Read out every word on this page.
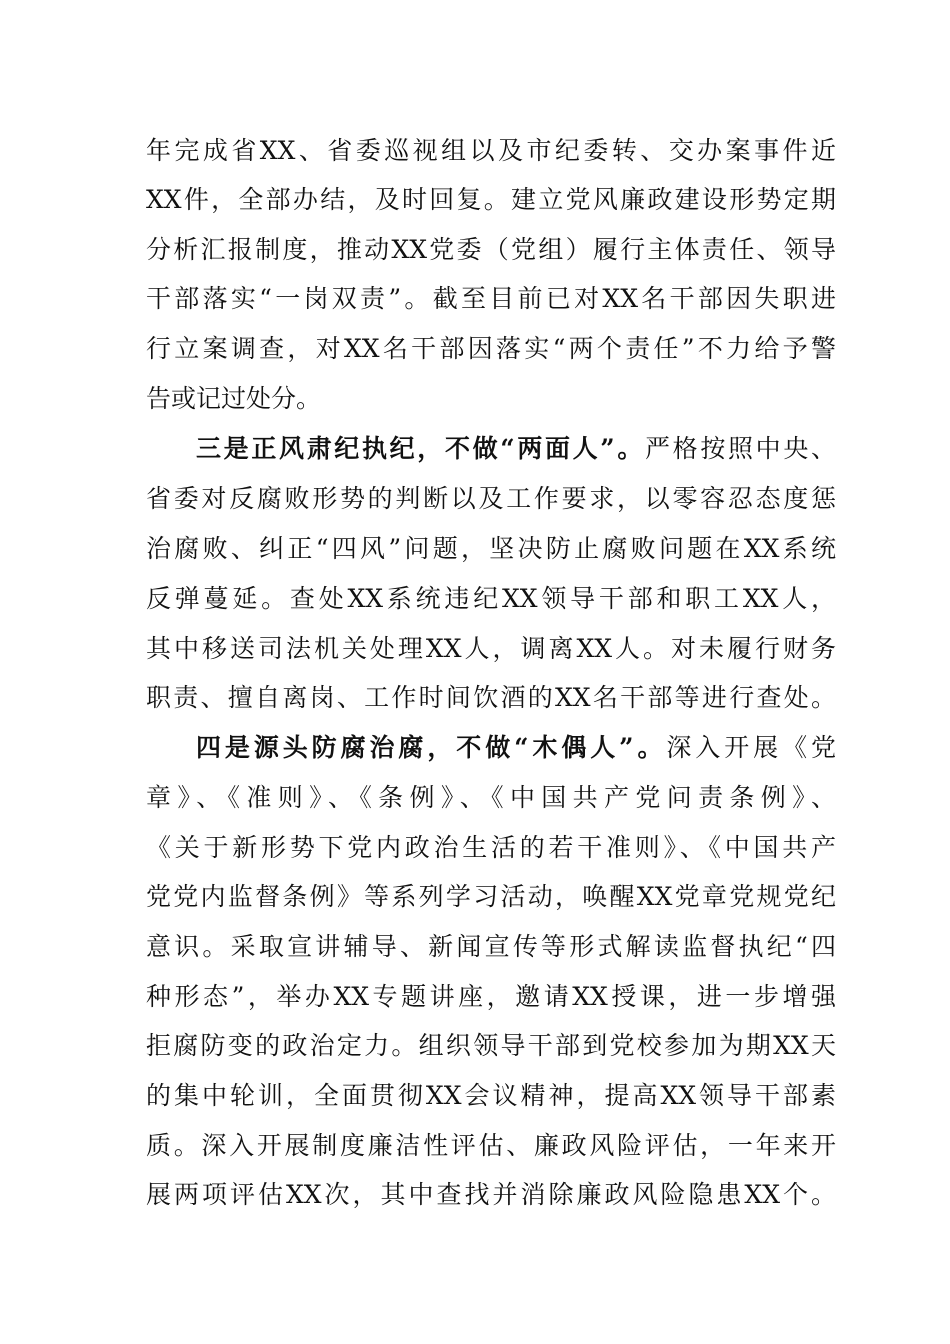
年完成省XX、省委巡视组以及市纪委转、交办案事件近
XX件，全部办结，及时回复。建立党风廉政建设形势定期
分析汇报制度，推动XX党委（党组）履行主体责任、领导
干部落实“一岗双责”。截至目前已对XX名干部因失职进
行立案调查，对XX名干部因落实“两个责任”不力给予警
告或记过处分。
三是正风肃纪执纪，不做“两面人”。严格按照中央、
省委对反腐败形势的判断以及工作要求，以零容忍态度惩
治腐败、纠正“四风”问题，坚决防止腐败问题在XX系统
反弹蔓延。查处XX系统违纪XX领导干部和职工XX人，
其中移送司法机关处理XX人，调离XX人。对未履行财务
职责、擅自离岗、工作时间饮酒的XX名干部等进行查处。
四是源头防腐治腐，不做“木偶人”。深入开展《党
章》、《准则》、《条例》、《中国共产党问责条例》、
《关于新形势下党内政治生活的若干准则》、《中国共产
党党内监督条例》等系列学习活动，唤醒XX党章党规党纪
意识。采取宣讲辅导、新闻宣传等形式解读监督执纪“四
种形态”，举办XX专题讲座，邀请XX授课，进一步增强
拒腐防变的政治定力。组织领导干部到党校参加为期XX天
的集中轮训，全面贯彻XX会议精神，提高XX领导干部素
质。深入开展制度廉洁性评估、廉政风险评估，一年来开
展两项评估XX次，其中查找并消除廉政风险隐患XX个。
